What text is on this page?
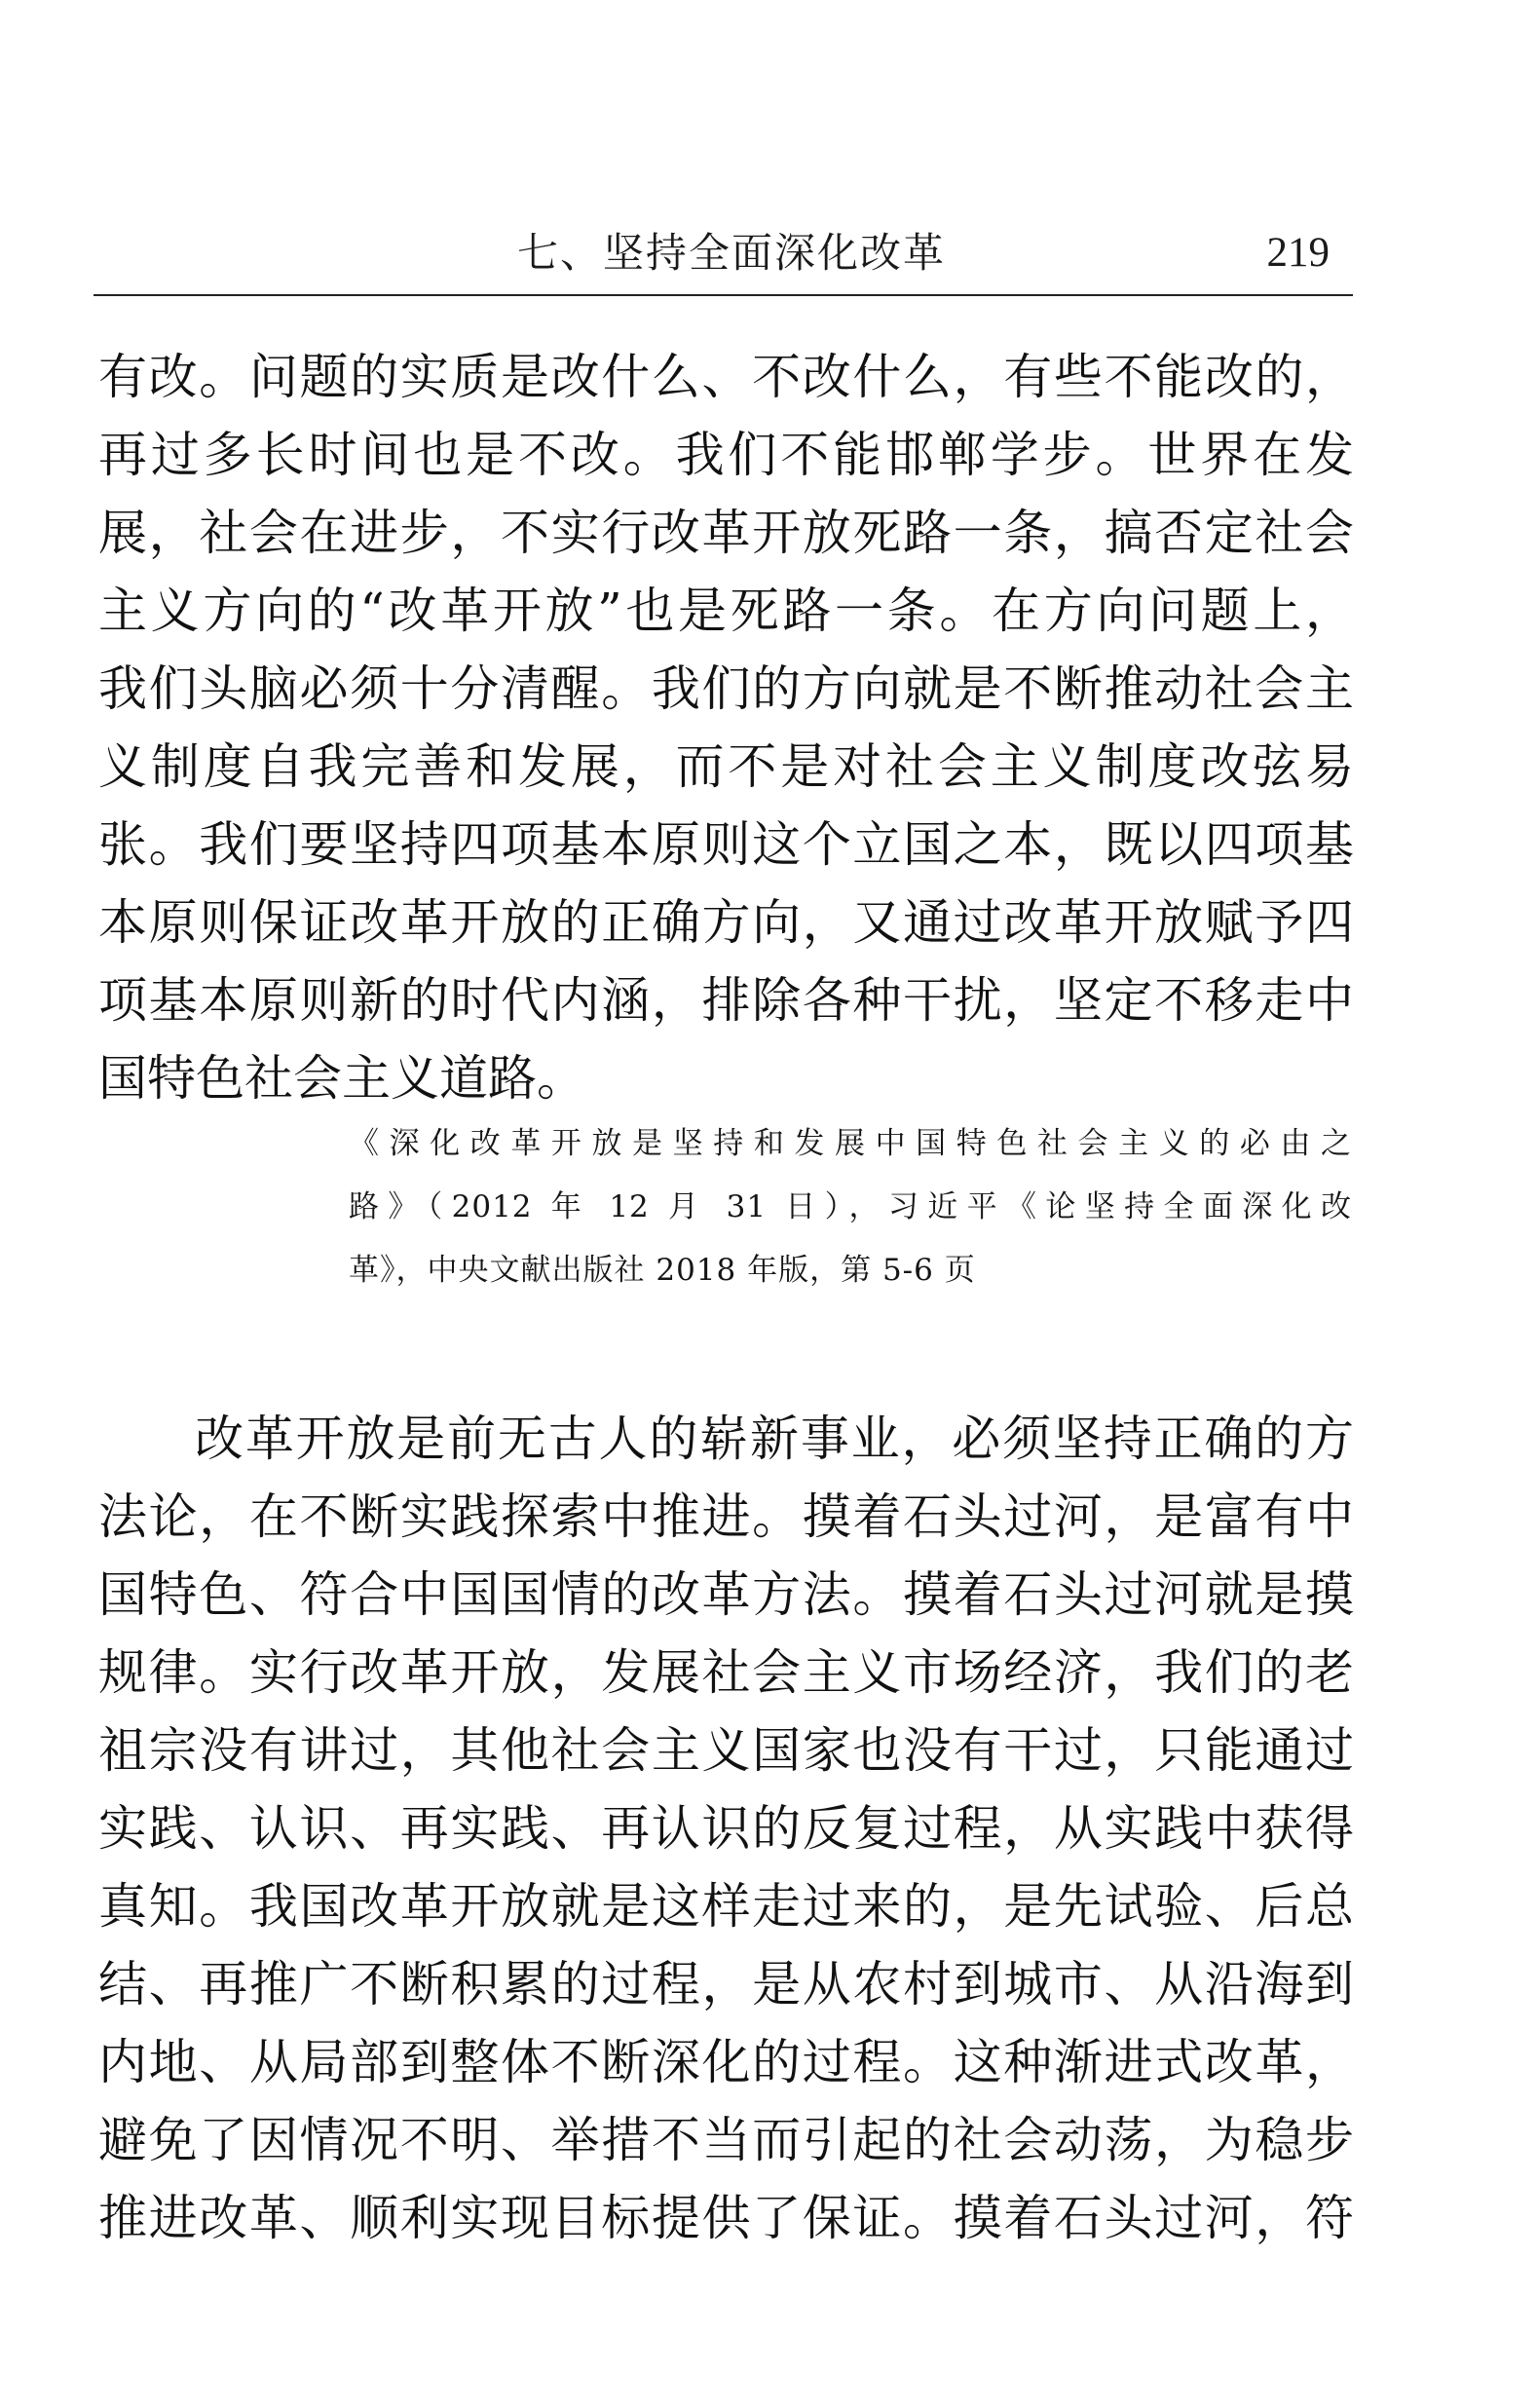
七、坚持全面深化改革	219
有改。问题的实质是改什么、不改什么，有些不能改的，
再过多长时间也是不改。我们不能邯郸学步。世界在发
展，社会在进步，不实行改革开放死路一条，搞否定社会
主义方向的“改革开放”也是死路一条。在方向问题上，
我们头脑必须十分清醒。我们的方向就是不断推动社会主
义制度自我完善和发展，而不是对社会主义制度改弦易
张。我们要坚持四项基本原则这个立国之本，既以四项基
本原则保证改革开放的正确方向，又通过改革开放赋予四
项基本原则新的时代内涵，排除各种干扰，坚定不移走中
国特色社会主义道路。
《深化改革开放是坚持和发展中国特色社会主义的必由之
路》（2012 年 12 月 31 日），习近平《论坚持全面深化改
革》，中央文献出版社 2018 年版，第 5-6 页
改革开放是前无古人的崭新事业，必须坚持正确的方
法论，在不断实践探索中推进。摸着石头过河，是富有中
国特色、符合中国国情的改革方法。摸着石头过河就是摸
规律。实行改革开放，发展社会主义市场经济，我们的老
祖宗没有讲过，其他社会主义国家也没有干过，只能通过
实践、认识、再实践、再认识的反复过程，从实践中获得
真知。我国改革开放就是这样走过来的，是先试验、后总
结、再推广不断积累的过程，是从农村到城市、从沿海到
内地、从局部到整体不断深化的过程。这种渐进式改革，
避免了因情况不明、举措不当而引起的社会动荡，为稳步
推进改革、顺利实现目标提供了保证。摸着石头过河，符
